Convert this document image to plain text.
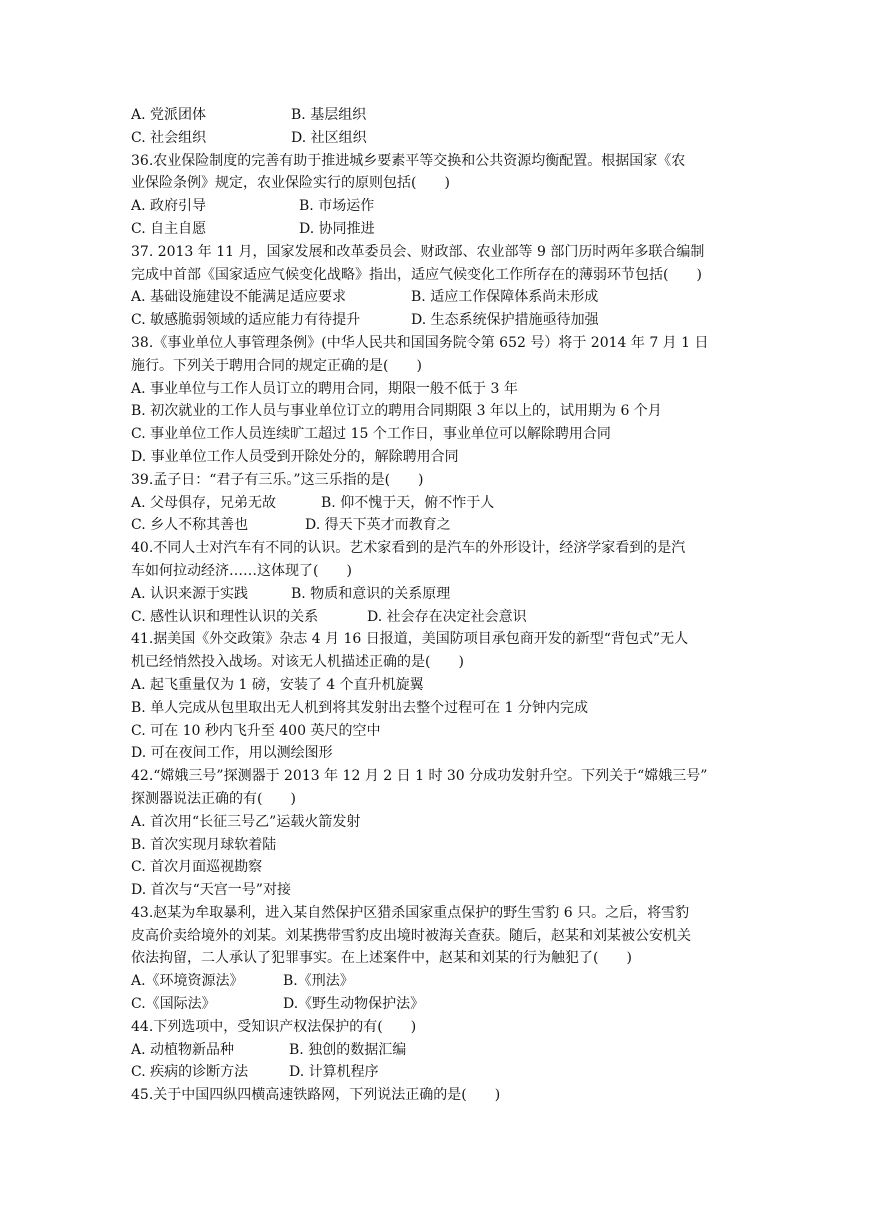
A. 党派团体	B. 基层组织
C. 社会组织	D. 社区组织
36.农业保险制度的完善有助于推进城乡要素平等交换和公共资源均衡配置。根据国家《农
业保险条例》规定，农业保险实行的原则包括(　　)
A. 政府引导	B. 市场运作
C. 自主自愿	D. 协同推进
37. 2013 年 11 月，国家发展和改革委员会、财政部、农业部等 9 部门历时两年多联合编制
完成中首部《国家适应气候变化战略》指出，适应气候变化工作所存在的薄弱环节包括(　　)
A. 基础设施建设不能满足适应要求	B. 适应工作保障体系尚未形成
C. 敏感脆弱领域的适应能力有待提升	D. 生态系统保护措施亟待加强
38.《事业单位人事管理条例》(中华人民共和国国务院令第 652 号）将于 2014 年 7 月 1 日
施行。下列关于聘用合同的规定正确的是(　　)
A. 事业单位与工作人员订立的聘用合同，期限一般不低于 3 年
B. 初次就业的工作人员与事业单位订立的聘用合同期限 3 年以上的，试用期为 6 个月
C. 事业单位工作人员连续旷工超过 15 个工作日，事业单位可以解除聘用合同
D. 事业单位工作人员受到开除处分的，解除聘用合同
39.孟子日：“君子有三乐。”这三乐指的是(　　)
A. 父母俱存，兄弟无故	B. 仰不愧于天，俯不怍于人
C. 乡人不称其善也	D. 得天下英才而教育之
40.不同人士对汽车有不同的认识。艺术家看到的是汽车的外形设计，经济学家看到的是汽
车如何拉动经济……这体现了(　　)
A. 认识来源于实践	B. 物质和意识的关系原理
C. 感性认识和理性认识的关系	D. 社会存在决定社会意识
41.据美国《外交政策》杂志 4 月 16 日报道，美国防项目承包商开发的新型“背包式”无人
机已经悄然投入战场。对该无人机描述正确的是(　　)
A. 起飞重量仅为 1 磅，安装了 4 个直升机旋翼
B. 单人完成从包里取出无人机到将其发射出去整个过程可在 1 分钟内完成
C. 可在 10 秒内飞升至 400 英尺的空中
D. 可在夜间工作，用以测绘图形
42.“嫦娥三号”探测器于 2013 年 12 月 2 日 1 时 30 分成功发射升空。下列关于“嫦娥三号”
探测器说法正确的有(　　)
A. 首次用“长征三号乙”运载火箭发射
B. 首次实现月球软着陆
C. 首次月面巡视勘察
D. 首次与“天宫一号”对接
43.赵某为牟取暴利，进入某自然保护区猎杀国家重点保护的野生雪豹 6 只。之后，将雪豹
皮高价卖给境外的刘某。刘某携带雪豹皮出境时被海关查获。随后，赵某和刘某被公安机关
依法拘留，二人承认了犯罪事实。在上述案件中，赵某和刘某的行为触犯了(　　)
A.《环境资源法》	B.《刑法》
C.《国际法》	D.《野生动物保护法》
44.下列选项中，受知识产权法保护的有(　　)
A. 动植物新品种	B. 独创的数据汇编
C. 疾病的诊断方法	D. 计算机程序
45.关于中国四纵四横高速铁路网，下列说法正确的是(　　)
